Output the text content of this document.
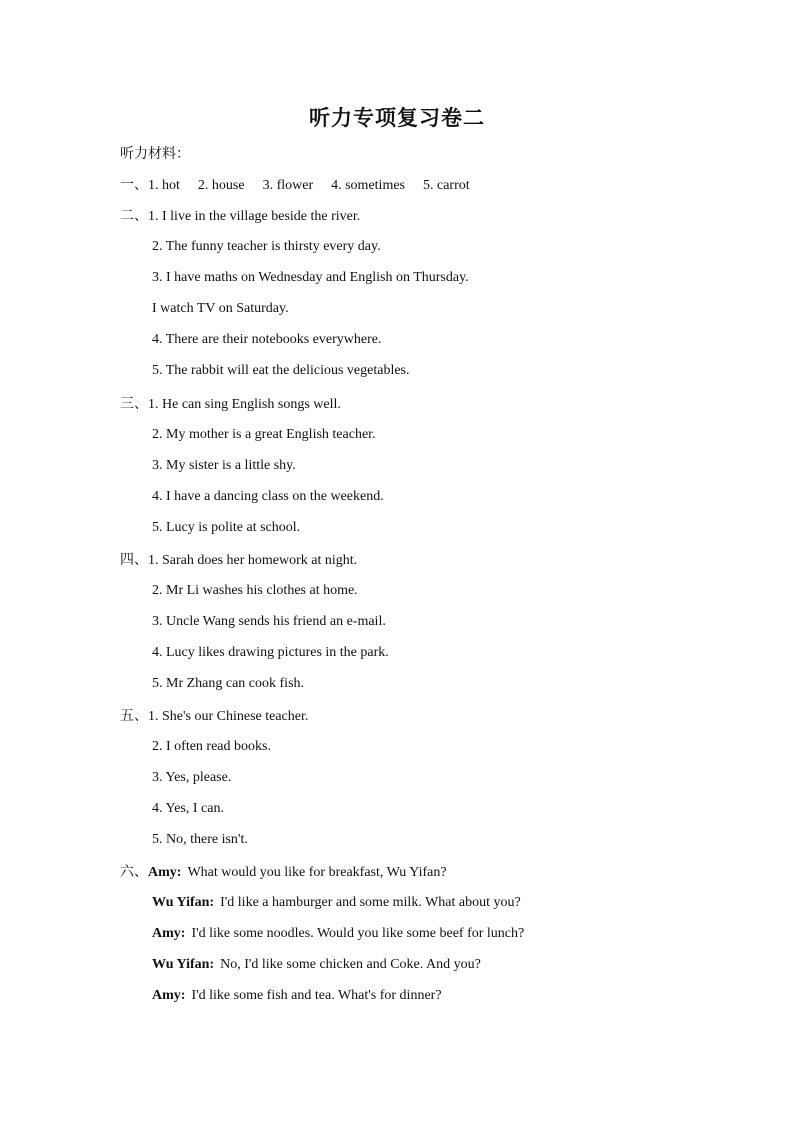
听力专项复习卷二
听力材料：
一、1. hot 2. house 3. flower 4. sometimes 5. carrot
二、1. I live in the village beside the river.
2. The funny teacher is thirsty every day.
3. I have maths on Wednesday and English on Thursday.
I watch TV on Saturday.
4. There are their notebooks everywhere.
5. The rabbit will eat the delicious vegetables.
三、1. He can sing English songs well.
2. My mother is a great English teacher.
3. My sister is a little shy.
4. I have a dancing class on the weekend.
5. Lucy is polite at school.
四、1. Sarah does her homework at night.
2. Mr Li washes his clothes at home.
3. Uncle Wang sends his friend an e-mail.
4. Lucy likes drawing pictures in the park.
5. Mr Zhang can cook fish.
五、1. She's our Chinese teacher.
2. I often read books.
3. Yes, please.
4. Yes, I can.
5. No, there isn't.
六、Amy: What would you like for breakfast, Wu Yifan?
Wu Yifan: I'd like a hamburger and some milk. What about you?
Amy: I'd like some noodles. Would you like some beef for lunch?
Wu Yifan: No, I'd like some chicken and Coke. And you?
Amy: I'd like some fish and tea. What's for dinner?
